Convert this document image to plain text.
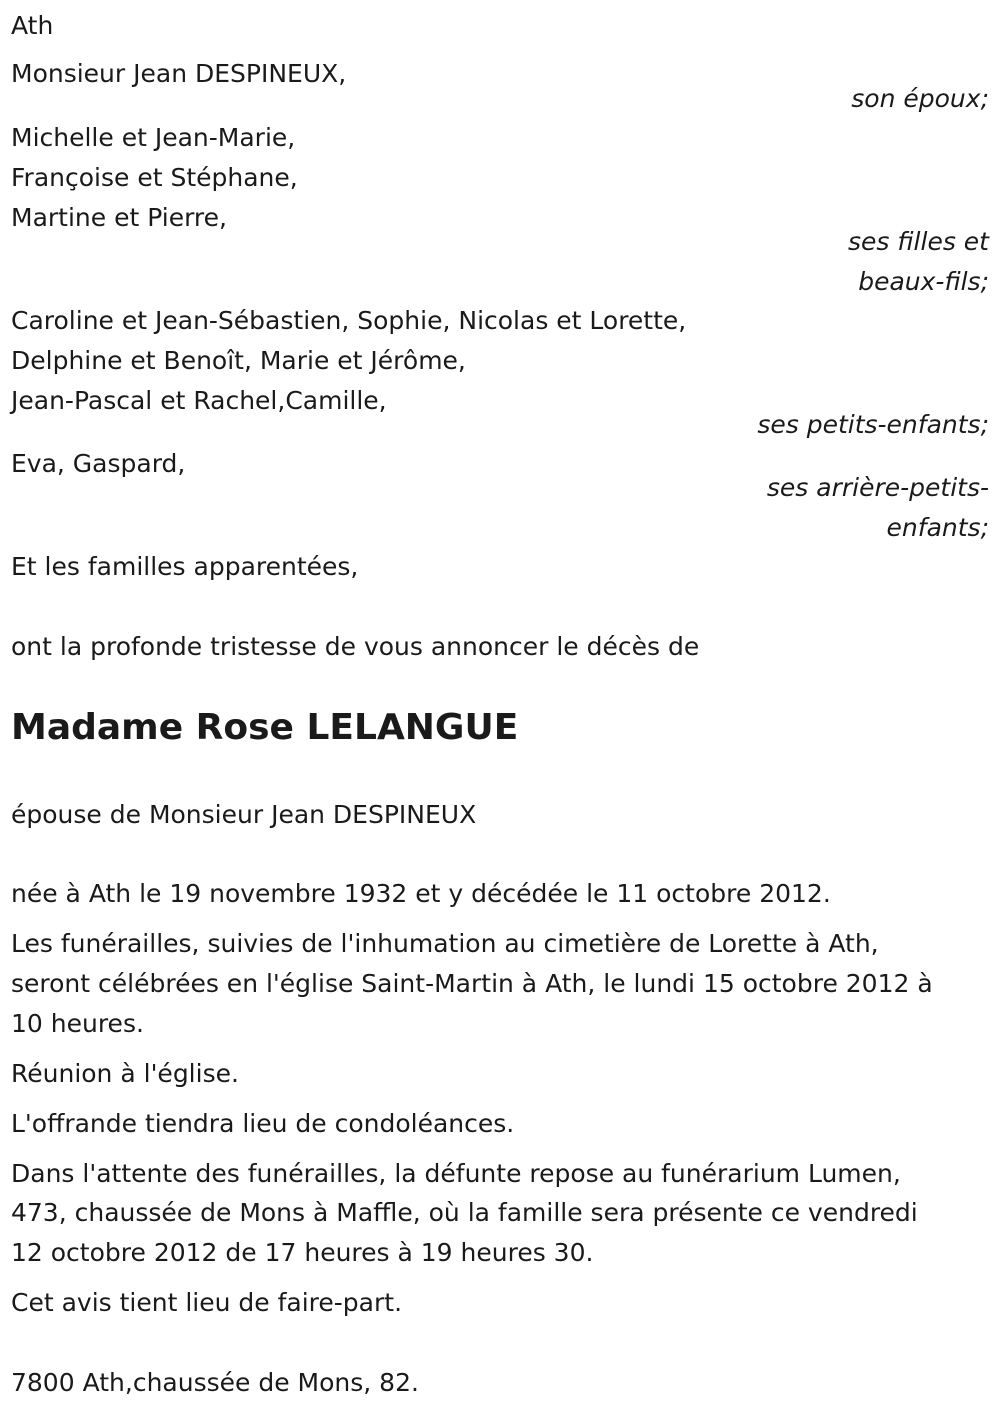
Ath
Monsieur Jean DESPINEUX,
son époux;
Michelle et Jean-Marie,
Françoise et Stéphane,
Martine et Pierre,
ses filles et
beaux-fils;
Caroline et Jean-Sébastien, Sophie, Nicolas et Lorette,
Delphine et Benoît, Marie et Jérôme,
Jean-Pascal et Rachel,Camille,
ses petits-enfants;
Eva, Gaspard,
ses arrière-petits-
enfants;
Et les familles apparentées,
ont la profonde tristesse de vous annoncer le décès de
Madame Rose LELANGUE
épouse de Monsieur Jean DESPINEUX
née à Ath le 19 novembre 1932 et y décédée le 11 octobre 2012.
Les funérailles, suivies de l'inhumation au cimetière de Lorette à Ath,
seront célébrées en l'église Saint-Martin à Ath, le lundi 15 octobre 2012 à
10 heures.
Réunion à l'église.
L'offrande tiendra lieu de condoléances.
Dans l'attente des funérailles, la défunte repose au funérarium Lumen,
473, chaussée de Mons à Maffle, où la famille sera présente ce vendredi
12 octobre 2012 de 17 heures à 19 heures 30.
Cet avis tient lieu de faire-part.
7800 Ath,chaussée de Mons, 82.
